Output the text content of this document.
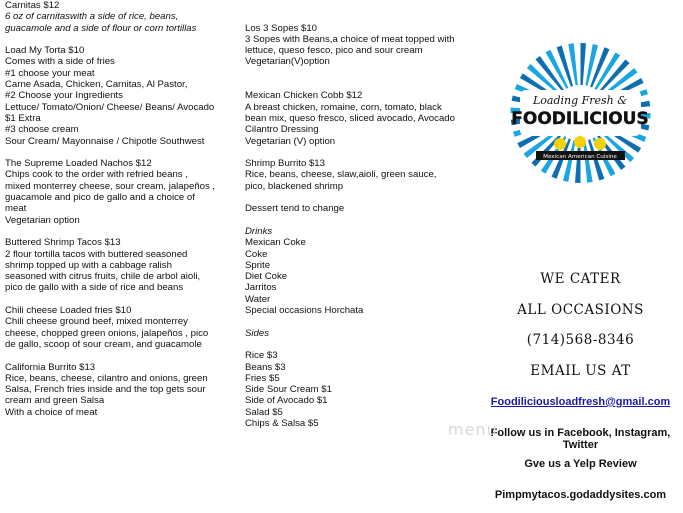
Carnitas $12
6 oz of carnitaswith a side of rice, beans,
guacamole and a side of flour or corn tortillas
Load My Torta $10
Comes with a side of fries
#1 choose your meat
Carne Asada, Chicken, Carnitas, Al Pastor,
#2 Choose your Ingredients
Lettuce/ Tomato/Onion/ Cheese/ Beans/ Avocado
$1 Extra
#3 choose cream
Sour Cream/ Mayonnaise / Chipotle Southwest
The Supreme Loaded Nachos $12
Chips cook to the order with refried beans ,
mixed monterrey cheese, sour cream, jalapeños ,
guacamole and pico de gallo and a choice of
meat
Vegetarian option
Buttered Shrimp Tacos $13
2 flour tortilla tacos with buttered seasoned
shrimp topped up with a cabbage ralish
seasoned with citrus fruits, chile de arbol aioli,
pico de gallo with a side of rice and beans
Chili cheese Loaded fries $10
Chili cheese ground beef, mixed monterrey
cheese, chopped green onions, jalapeños , pico
de gallo, scoop of sour cream, and guacamole
California Burrito $13
Rice, beans, cheese, cilantro and onions, green
Salsa, French fries inside and the top gets sour
cream and green Salsa
With a choice of meat
Los 3 Sopes $10
3 Sopes with Beans,a choice of meat topped with
lettuce, queso fesco, pico and sour cream
Vegetarian(V)option
Mexican Chicken Cobb $12
A breast chicken, romaine, corn, tomato, black
bean mix, queso fresco, sliced avocado, Avocado
Cilantro Dressing
Vegetarian (V) option
Shrimp Burrito $13
Rice, beans, cheese, slaw,aioli, green sauce,
pico, blackened shrimp
Dessert tend to change
Drinks
Mexican Coke
Coke
Sprite
Diet Coke
Jarritos
Water
Special occasions Horchata
Sides
Rice $3
Beans $3
Fries $5
Side Sour Cream $1
Side of Avocado $1
Salad $5
Chips & Salsa $5
Loading Fresh &
FOODILICIOUS
Mexican American Cuisine
WE CATER
ALL OCCASIONS
(714)568-8346
EMAIL US AT
Foodiliciousloadfresh@gmail.com
Follow us in Facebook, Instagram, Twitter
Gve us a Yelp Review
Pimpmytacos.godaddysites.com
menu
